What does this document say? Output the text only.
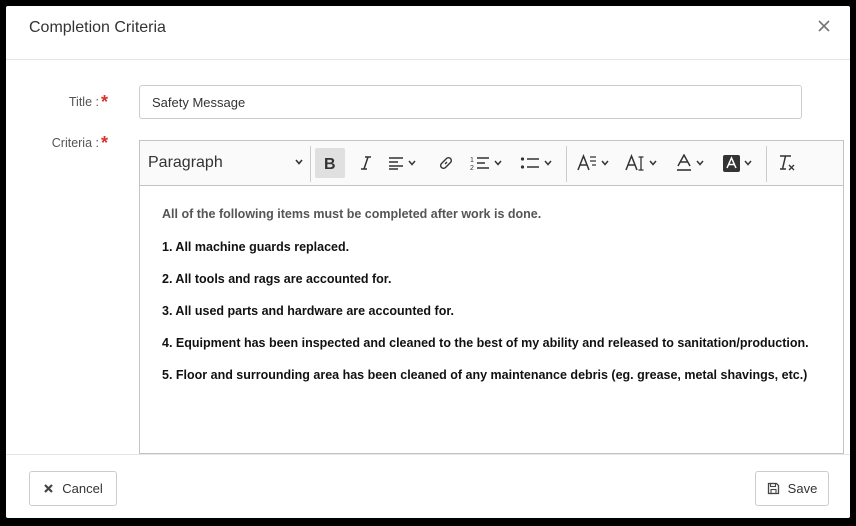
Completion Criteria
Title : *
Safety Message
Criteria : *
Paragraph	B	1
2

All of the following items must be completed after work is done.

1. All machine guards replaced.

2. All tools and rags are accounted for.

3. All used parts and hardware are accounted for.

4. Equipment has been inspected and cleaned to the best of my ability and released to sanitation/production.

5. Floor and surrounding area has been cleaned of any maintenance debris (eg. grease, metal shavings, etc.)

Cancel	Save
